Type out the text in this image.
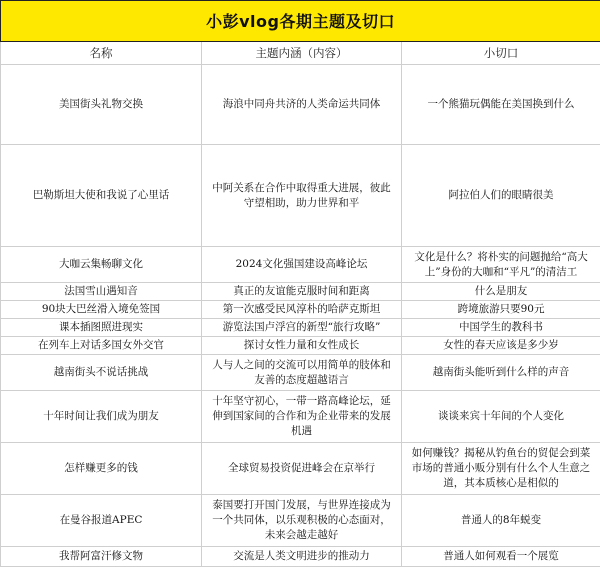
小彭vlog各期主题及切口		
名称	主题内涵（内容）	小切口
美国街头礼物交换	海浪中同舟共济的人类命运共同体	一个熊猫玩偶能在美国换到什么
巴勒斯坦大使和我说了心里话	中阿关系在合作中取得重大进展，彼此守望相助，助力世界和平	阿拉伯人们的眼睛很美
大咖云集畅聊文化	2024文化强国建设高峰论坛	文化是什么？将朴实的问题抛给“高大上”身份的大咖和“平凡”的清洁工
法国雪山遇知音	真正的友谊能克服时间和距离	什么是朋友
90块大巴丝滑入境免签国	第一次感受民风淳朴的哈萨克斯坦	跨境旅游只要90元
课本插图照进现实	游览法国卢浮宫的新型“旅行攻略”	中国学生的教科书
在列车上对话多国女外交官	探讨女性力量和女性成长	女性的春天应该是多少岁
越南街头不说话挑战	人与人之间的交流可以用简单的肢体和友善的态度超越语言	越南街头能听到什么样的声音
十年时间让我们成为朋友	十年坚守初心，一带一路高峰论坛，延伸到国家间的合作和为企业带来的发展机遇	谈谈来宾十年间的个人变化
怎样赚更多的钱	全球贸易投资促进峰会在京举行	如何赚钱？揭秘从钓鱼台的贸促会到菜市场的普通小贩分别有什么个人生意之道，其本质核心是相似的
在曼谷报道APEC	泰国要打开国门发展，与世界连接成为一个共同体，以乐观积极的心态面对，未来会越走越好	普通人的8年蜕变
我帮阿富汗修文物	交流是人类文明进步的推动力	普通人如何观看一个展览
